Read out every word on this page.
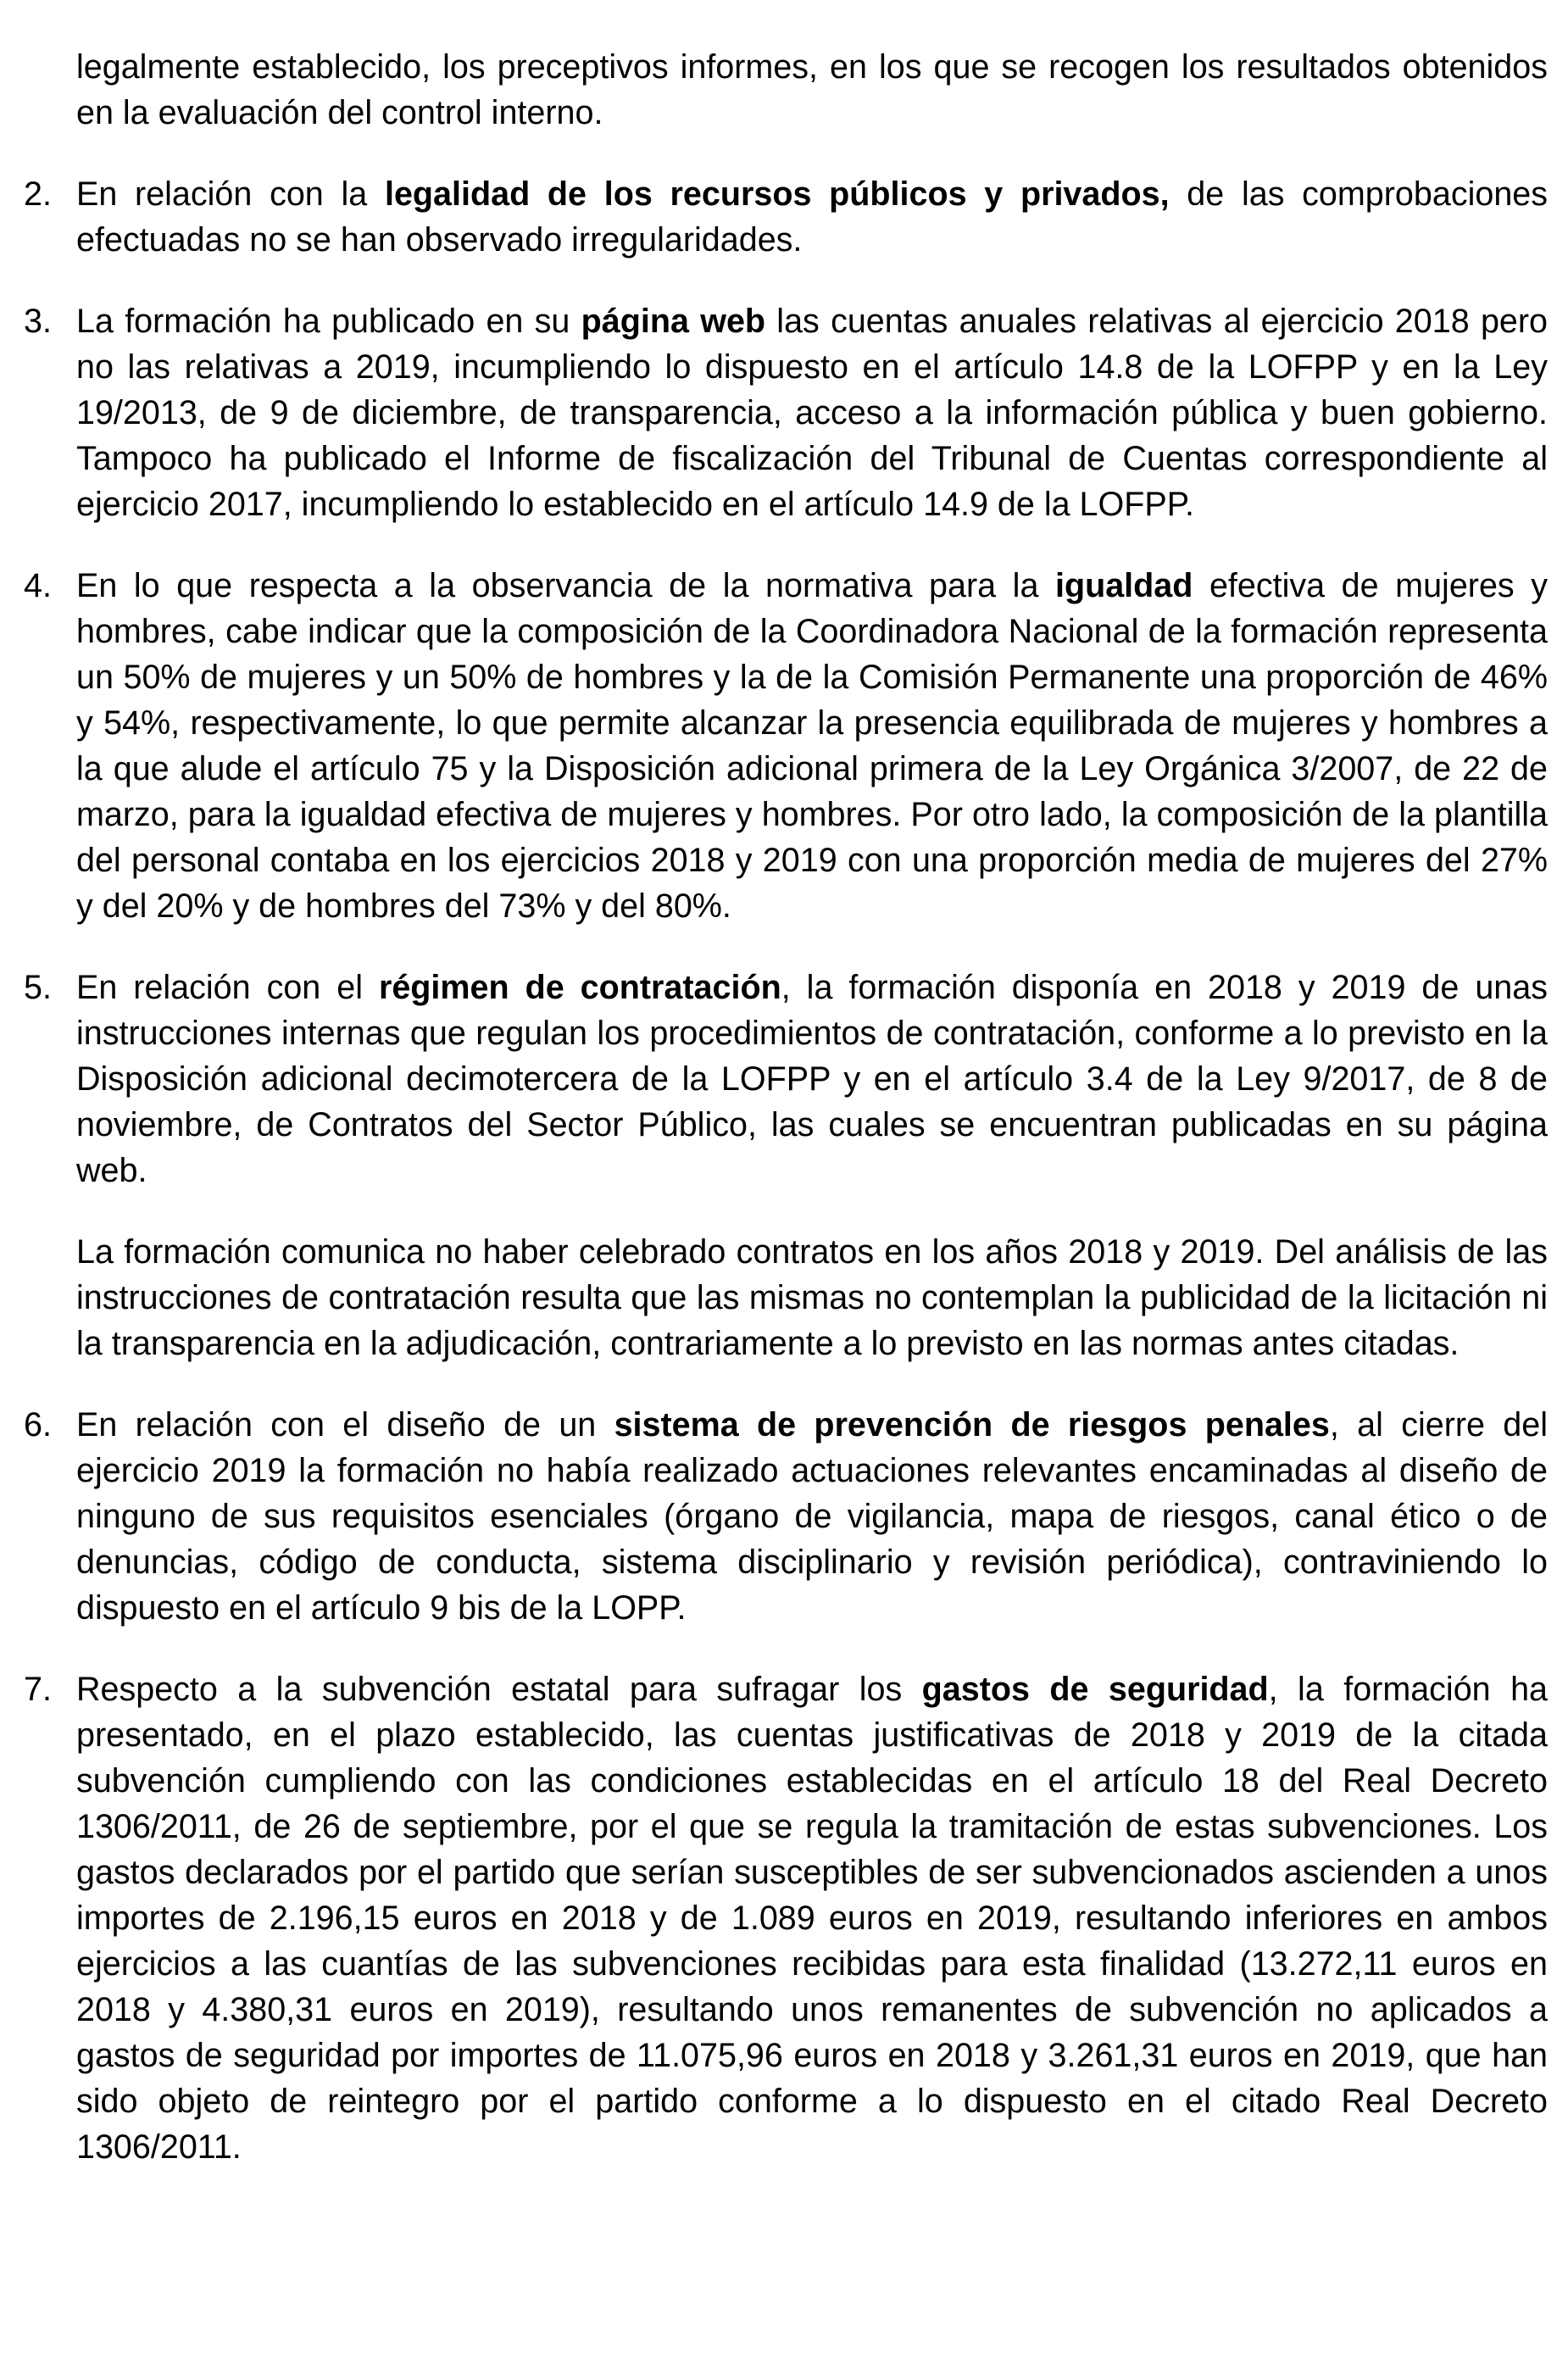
legalmente establecido, los preceptivos informes, en los que se recogen los resultados obtenidos en la evaluación del control interno.

2. En relación con la legalidad de los recursos públicos y privados, de las comprobaciones efectuadas no se han observado irregularidades.

3. La formación ha publicado en su página web las cuentas anuales relativas al ejercicio 2018 pero no las relativas a 2019, incumpliendo lo dispuesto en el artículo 14.8 de la LOFPP y en la Ley 19/2013, de 9 de diciembre, de transparencia, acceso a la información pública y buen gobierno. Tampoco ha publicado el Informe de fiscalización del Tribunal de Cuentas correspondiente al ejercicio 2017, incumpliendo lo establecido en el artículo 14.9 de la LOFPP.

4. En lo que respecta a la observancia de la normativa para la igualdad efectiva de mujeres y hombres, cabe indicar que la composición de la Coordinadora Nacional de la formación representa un 50% de mujeres y un 50% de hombres y la de la Comisión Permanente una proporción de 46% y 54%, respectivamente, lo que permite alcanzar la presencia equilibrada de mujeres y hombres a la que alude el artículo 75 y la Disposición adicional primera de la Ley Orgánica 3/2007, de 22 de marzo, para la igualdad efectiva de mujeres y hombres. Por otro lado, la composición de la plantilla del personal contaba en los ejercicios 2018 y 2019 con una proporción media de mujeres del 27% y del 20% y de hombres del 73% y del 80%.

5. En relación con el régimen de contratación, la formación disponía en 2018 y 2019 de unas instrucciones internas que regulan los procedimientos de contratación, conforme a lo previsto en la Disposición adicional decimotercera de la LOFPP y en el artículo 3.4 de la Ley 9/2017, de 8 de noviembre, de Contratos del Sector Público, las cuales se encuentran publicadas en su página web.

La formación comunica no haber celebrado contratos en los años 2018 y 2019. Del análisis de las instrucciones de contratación resulta que las mismas no contemplan la publicidad de la licitación ni la transparencia en la adjudicación, contrariamente a lo previsto en las normas antes citadas.

6. En relación con el diseño de un sistema de prevención de riesgos penales, al cierre del ejercicio 2019 la formación no había realizado actuaciones relevantes encaminadas al diseño de ninguno de sus requisitos esenciales (órgano de vigilancia, mapa de riesgos, canal ético o de denuncias, código de conducta, sistema disciplinario y revisión periódica), contraviniendo lo dispuesto en el artículo 9 bis de la LOPP.

7. Respecto a la subvención estatal para sufragar los gastos de seguridad, la formación ha presentado, en el plazo establecido, las cuentas justificativas de 2018 y 2019 de la citada subvención cumpliendo con las condiciones establecidas en el artículo 18 del Real Decreto 1306/2011, de 26 de septiembre, por el que se regula la tramitación de estas subvenciones. Los gastos declarados por el partido que serían susceptibles de ser subvencionados ascienden a unos importes de 2.196,15 euros en 2018 y de 1.089 euros en 2019, resultando inferiores en ambos ejercicios a las cuantías de las subvenciones recibidas para esta finalidad (13.272,11 euros en 2018 y 4.380,31 euros en 2019), resultando unos remanentes de subvención no aplicados a gastos de seguridad por importes de 11.075,96 euros en 2018 y 3.261,31 euros en 2019, que han sido objeto de reintegro por el partido conforme a lo dispuesto en el citado Real Decreto 1306/2011.
